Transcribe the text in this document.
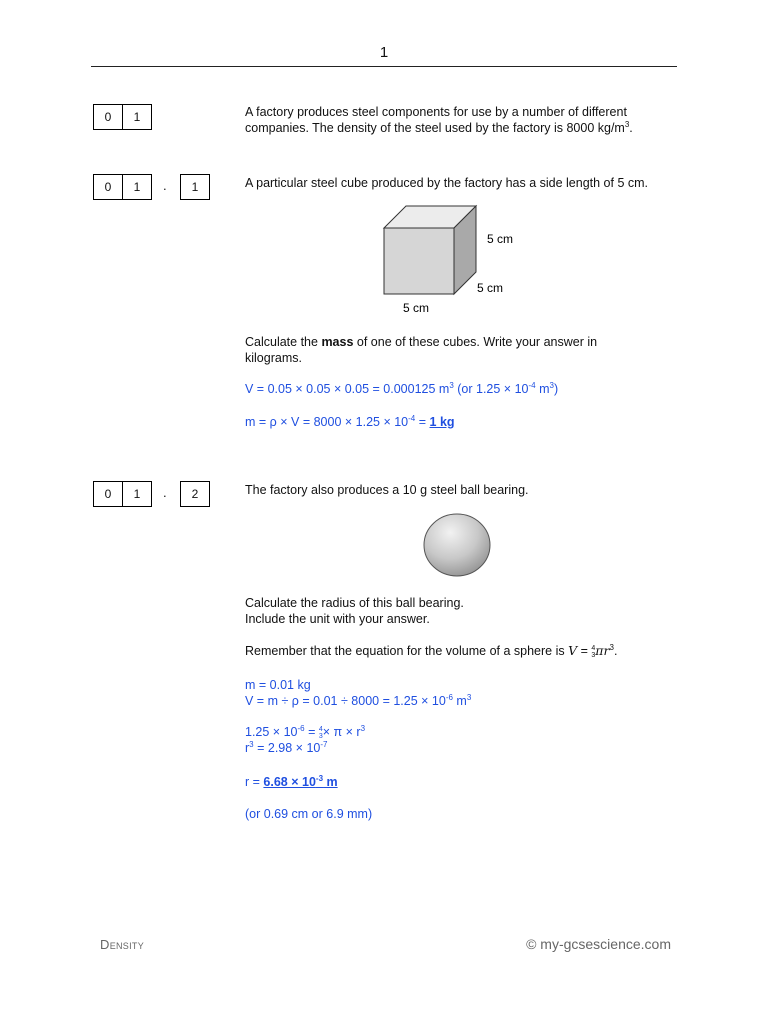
1
0	1	A factory produces steel components for use by a number of different
companies. The density of the steel used by the factory is 8000 $kg/m^3$.
0	1	.	1	A particular steel cube produced by the factory has a side length of 5 cm.
5 cm
5 cm
5 cm
Calculate the mass of one of these cubes. Write your answer in
kilograms.
V = 0.05 × 0.05 × 0.05 = 0.000125 $m^3$ (or $1.25 \times 10^{-4}$ $m^3$)
$m = \rho \times V = 8000 \times 1.25 \times 10^{-4} = 1$ kg
0	1	.	2	The factory also produces a 10 g steel ball bearing.
Calculate the radius of this ball bearing.
Include the unit with your answer.
Remember that the equation for the volume of a sphere is V = 4
$3\pi r^3$.
m = 0.01 kg
$V = m \div \rho = 0.01 \div 8000 = 1.25 \times 10^{-6}$ $m^3$
$1.25 \times 10^{-6} = 4$
$3\times \pi \times r^3$
$r^3 = 2.98 \times 10^{-7}$
$r = 6.68 \times 10^{-3}$ m
(or 0.69 cm or 6.9 mm)
Density	© my-gcsescience.com
